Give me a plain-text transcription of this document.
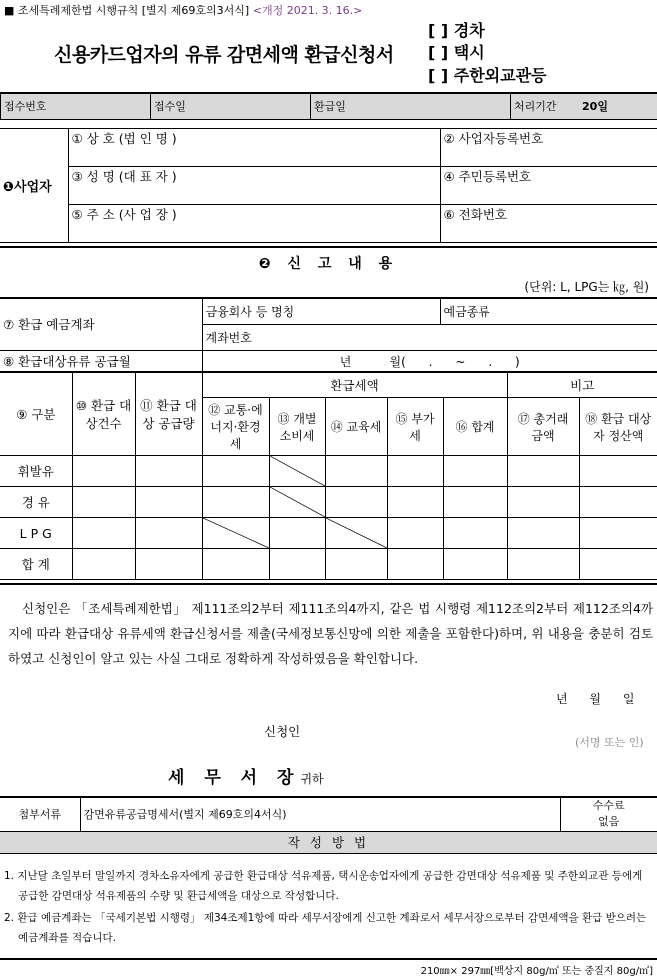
■ 조세특례제한법 시행규칙 [별지 제69호의3서식] <개정 2021. 3. 16.>
신용카드업자의 유류 감면세액 환급신청서
[ ] 경차
[ ] 택시
[ ] 주한외교관등
접수번호	접수일	환급일	처리기간 20일
❶사업자	① 상 호 (법 인 명 )	② 사업자등록번호
	③ 성 명 (대 표 자 )	④ 주민등록번호
	⑤ 주 소 (사 업 장 )	⑥ 전화번호
❷ 신 고 내 용
(단위: L, LPG는 ㎏, 원)
⑦ 환급 예금계좌	금융회사 등 명칭	예금종류
	계좌번호	
⑧ 환급대상유류 공급월	년          월(      .      ~      .      )	
⑨ 구분	⑩ 환급 대상건수	⑪ 환급 대상 공급량	환급세액					비고	
			⑫ 교통·에너지·환경세	⑬ 개별 소비세	⑭ 교육세	⑮ 부가세	⑯ 합계	⑰ 총거래 금액	⑱ 환급 대상자 정산액
휘발유				

경 유				

L P G			

합 계									
신청인은 「조세특례제한법」 제111조의2부터 제111조의4까지, 같은 법 시행령 제112조의2부터 제112조의4까지에 따라 환급대상 유류세액 환급신청서를 제출(국세정보통신망에 의한 제출을 포함한다)하며, 위 내용을 충분히 검토하였고 신청인이 알고 있는 사실 그대로 정확하게 작성하였음을 확인합니다.
년 월 일
신청인
(서명 또는 인)
세 무 서 장귀하
첨부서류	감면유류공급명세서(별지 제69호의4서식)	
수수료
없음

작 성 방 법

1. 지난달 초일부터 말일까지 경차소유자에게 공급한 환급대상 석유제품, 택시운송업자에게 공급한 감면대상 석유제품 및 주한외교관 등에게 공급한 감면대상 석유제품의 수량 및 환급세액을 대상으로 작성합니다.

2. 환급 예금계좌는 「국세기본법 시행령」 제34조제1항에 따라 세무서장에게 신고한 계좌로서 세무서장으로부터 감면세액을 환급 받으려는 예금계좌를 적습니다.

210㎜× 297㎜[백상지 80g/㎡ 또는 중질지 80g/㎡]
